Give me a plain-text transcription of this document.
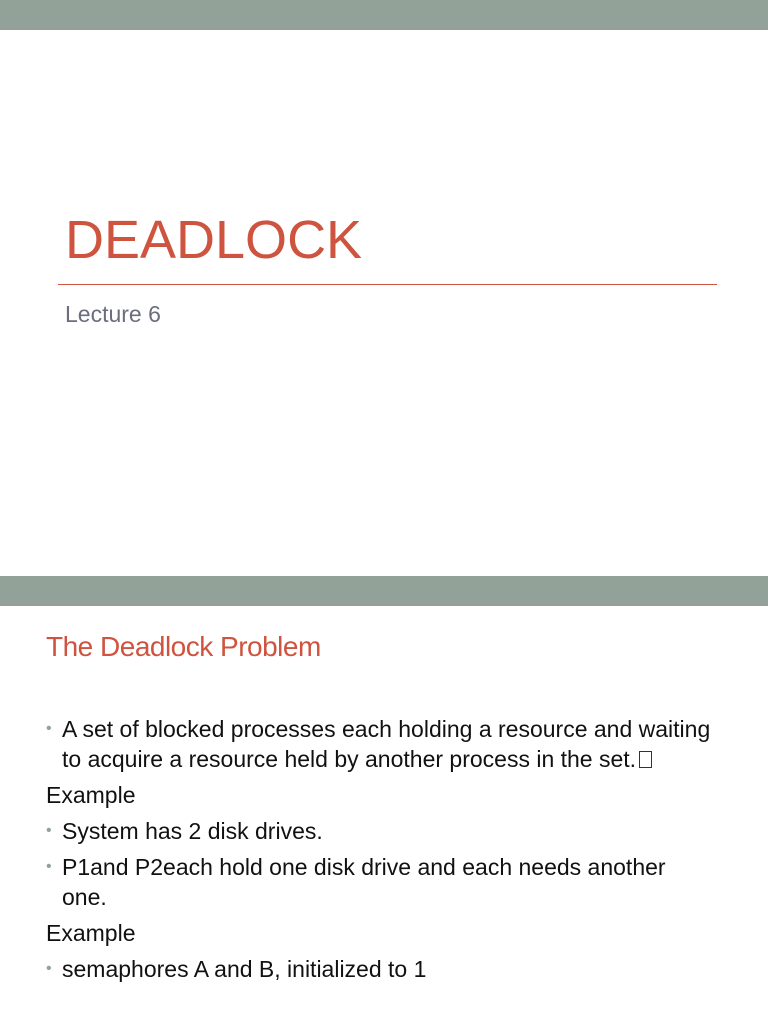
DEADLOCK
Lecture 6
The Deadlock Problem
• A set of blocked processes each holding a resource and waiting to acquire a resource held by another process in the set.
Example
• System has 2 disk drives.
• P1and P2each hold one disk drive and each needs another one.
Example
• semaphores A and B, initialized to 1
